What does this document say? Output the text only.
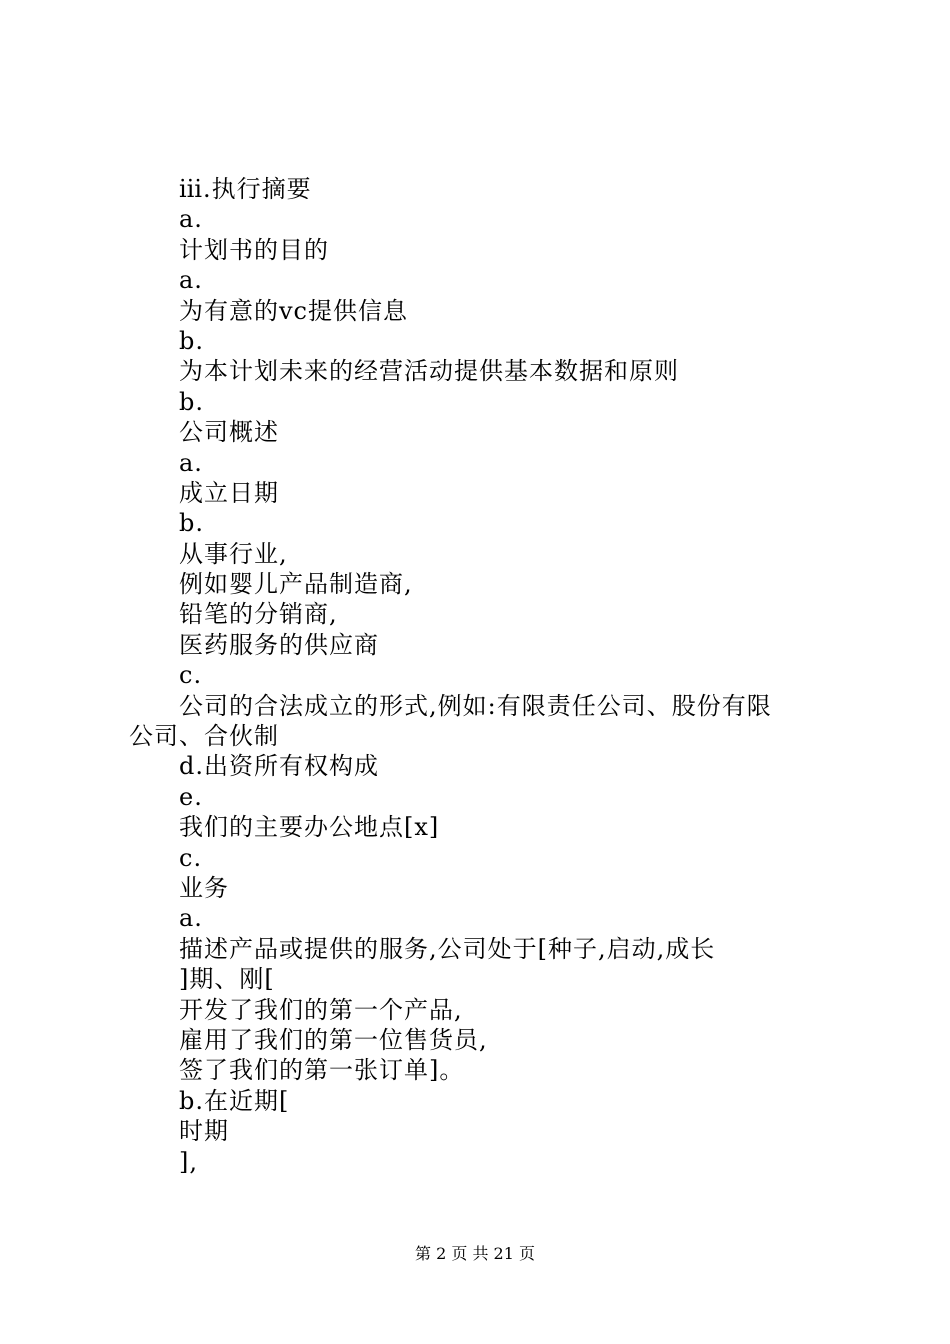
ⅲ.执行摘要
a.
计划书的目的
a.
为有意的vc提供信息
b.
为本计划未来的经营活动提供基本数据和原则
b.
公司概述
a.
成立日期
b.
从事行业,
例如婴儿产品制造商,
铅笔的分销商,
医药服务的供应商
c.
公司的合法成立的形式,例如:有限责任公司、股份有限
公司、合伙制
d.出资所有权构成
e.
我们的主要办公地点[x]
c.
业务
a.
描述产品或提供的服务,公司处于[种子,启动,成长
]期、刚[
开发了我们的第一个产品,
雇用了我们的第一位售货员,
签了我们的第一张订单]。
b.在近期[
时期
],
第 2 页 共 21 页
